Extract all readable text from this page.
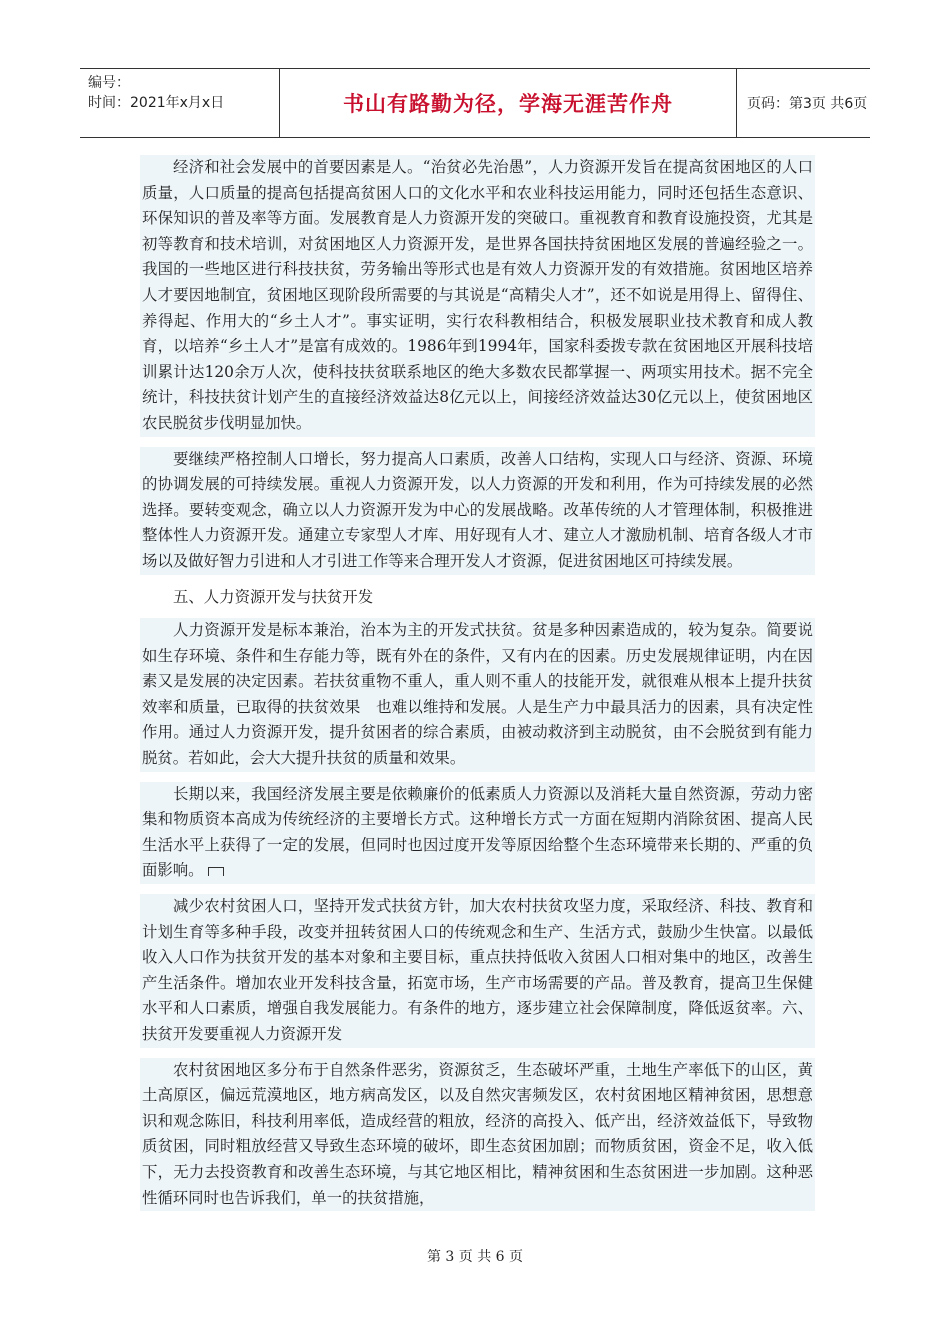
编号：
时间：2021年x月x日	书山有路勤为径，学海无涯苦作舟	页码：第3页 共6页

经济和社会发展中的首要因素是人。“治贫必先治愚”，人力资源开发旨在提高贫困地区的人口质量，人口质量的提高包括提高贫困人口的文化水平和农业科技运用能力，同时还包括生态意识、环保知识的普及率等方面。发展教育是人力资源开发的突破口。重视教育和教育设施投资，尤其是初等教育和技术培训，对贫困地区人力资源开发，是世界各国扶持贫困地区发展的普遍经验之一。我国的一些地区进行科技扶贫，劳务输出等形式也是有效人力资源开发的有效措施。贫困地区培养人才要因地制宜，贫困地区现阶段所需要的与其说是“高精尖人才”，还不如说是用得上、留得住、养得起、作用大的“乡土人才”。事实证明，实行农科教相结合，积极发展职业技术教育和成人教育，以培养“乡土人才”是富有成效的。1986年到1994年，国家科委拨专款在贫困地区开展科技培训累计达120余万人次，使科技扶贫联系地区的绝大多数农民都掌握一、两项实用技术。据不完全统计，科技扶贫计划产生的直接经济效益达8亿元以上，间接经济效益达30亿元以上，使贫困地区农民脱贫步伐明显加快。

要继续严格控制人口增长，努力提高人口素质，改善人口结构，实现人口与经济、资源、环境的协调发展的可持续发展。重视人力资源开发，以人力资源的开发和利用，作为可持续发展的必然选择。要转变观念，确立以人力资源开发为中心的发展战略。改革传统的人才管理体制，积极推进整体性人力资源开发。通建立专家型人才库、用好现有人才、建立人才激励机制、培育各级人才市场以及做好智力引进和人才引进工作等来合理开发人才资源，促进贫困地区可持续发展。

五、人力资源开发与扶贫开发

人力资源开发是标本兼治，治本为主的开发式扶贫。贫是多种因素造成的，较为复杂。简要说如生存环境、条件和生存能力等，既有外在的条件，又有内在的因素。历史发展规律证明，内在因素又是发展的决定因素。若扶贫重物不重人，重人则不重人的技能开发，就很难从根本上提升扶贫效率和质量，已取得的扶贫效果　也难以维持和发展。人是生产力中最具活力的因素，具有决定性作用。通过人力资源开发，提升贫困者的综合素质，由被动救济到主动脱贫，由不会脱贫到有能力脱贫。若如此，会大大提升扶贫的质量和效果。

长期以来，我国经济发展主要是依赖廉价的低素质人力资源以及消耗大量自然资源，劳动力密集和物质资本高成为传统经济的主要增长方式。这种增长方式一方面在短期内消除贫困、提高人民生活水平上获得了一定的发展，但同时也因过度开发等原因给整个生态环境带来长期的、严重的负面影响。

减少农村贫困人口，坚持开发式扶贫方针，加大农村扶贫攻坚力度，采取经济、科技、教育和计划生育等多种手段，改变并扭转贫困人口的传统观念和生产、生活方式，鼓励少生快富。以最低收入人口作为扶贫开发的基本对象和主要目标，重点扶持低收入贫困人口相对集中的地区，改善生产生活条件。增加农业开发科技含量，拓宽市场，生产市场需要的产品。普及教育，提高卫生保健水平和人口素质，增强自我发展能力。有条件的地方，逐步建立社会保障制度，降低返贫率。六、扶贫开发要重视人力资源开发

农村贫困地区多分布于自然条件恶劣，资源贫乏，生态破坏严重，土地生产率低下的山区，黄土高原区，偏远荒漠地区，地方病高发区，以及自然灾害频发区，农村贫困地区精神贫困，思想意识和观念陈旧，科技利用率低，造成经营的粗放，经济的高投入、低产出，经济效益低下，导致物质贫困，同时粗放经营又导致生态环境的破坏，即生态贫困加剧；而物质贫困，资金不足，收入低下，无力去投资教育和改善生态环境，与其它地区相比，精神贫困和生态贫困进一步加剧。这种恶性循环同时也告诉我们，单一的扶贫措施，

第 3 页 共 6 页
